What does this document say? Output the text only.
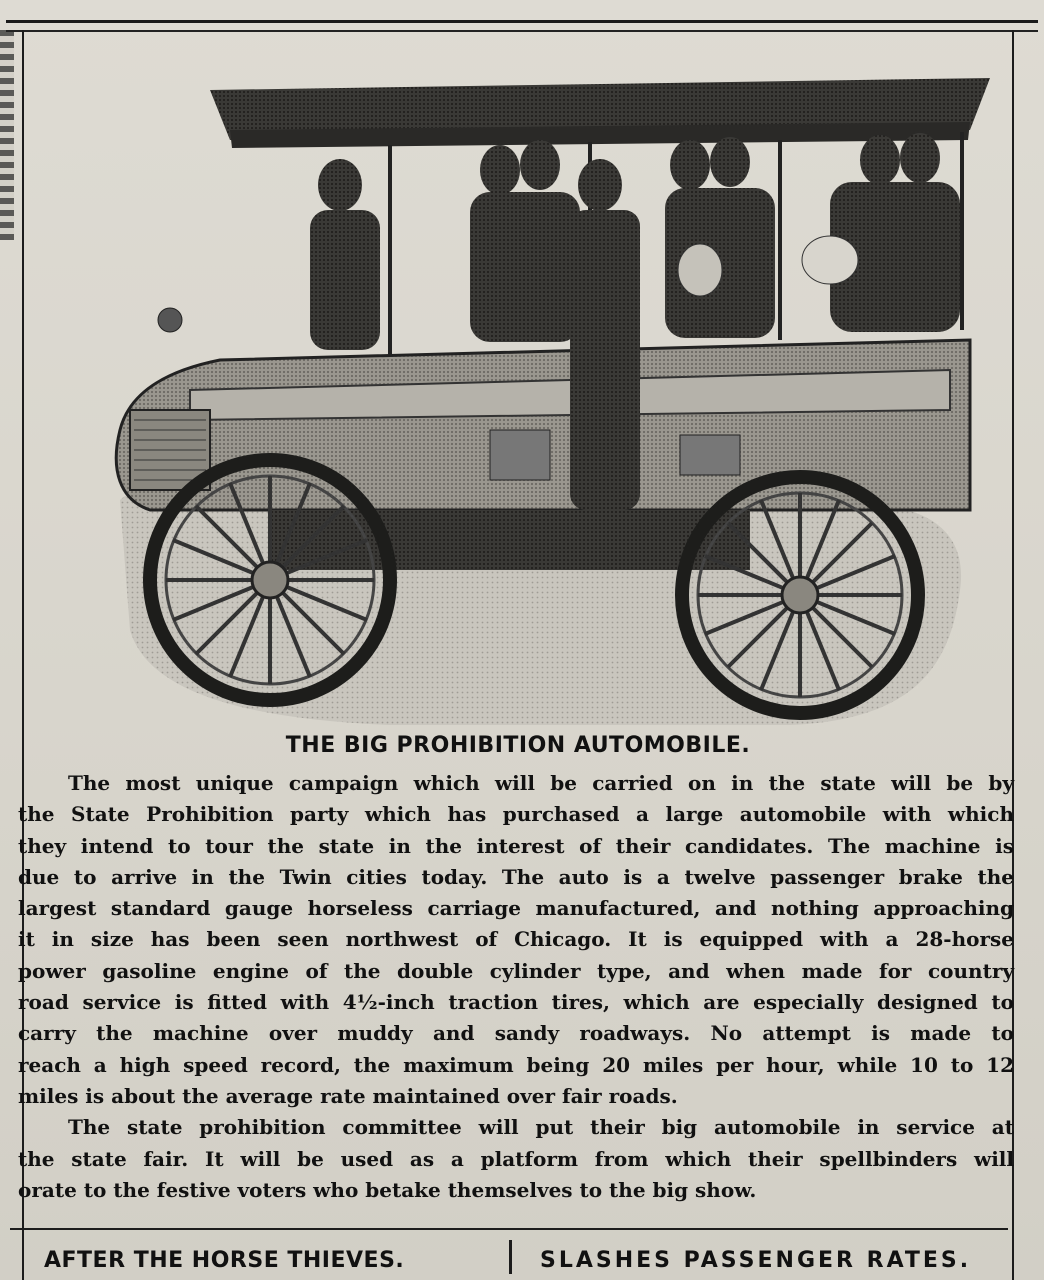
THE BIG PROHIBITION AUTOMOBILE.
The most unique campaign which will be carried on in the state will be by
the State Prohibition party which has purchased a large automobile with which
they intend to tour the state in the interest of their candidates. The machine is
due to arrive in the Twin cities today. The auto is a twelve passenger brake the
largest standard gauge horseless carriage manufactured, and nothing approaching
it in size has been seen northwest of Chicago. It is equipped with a 28-horse
power gasoline engine of the double cylinder type, and when made for country
road service is fitted with 4½-inch traction tires, which are especially designed to
carry the machine over muddy and sandy roadways. No attempt is made to
reach a high speed record, the maximum being 20 miles per hour, while 10 to 12
miles is about the average rate maintained over fair roads.
The state prohibition committee will put their big automobile in service at
the state fair. It will be used as a platform from which their spellbinders will
orate to the festive voters who betake themselves to the big show.
AFTER THE HORSE THIEVES.	SLASHES PASSENGER RATES.
